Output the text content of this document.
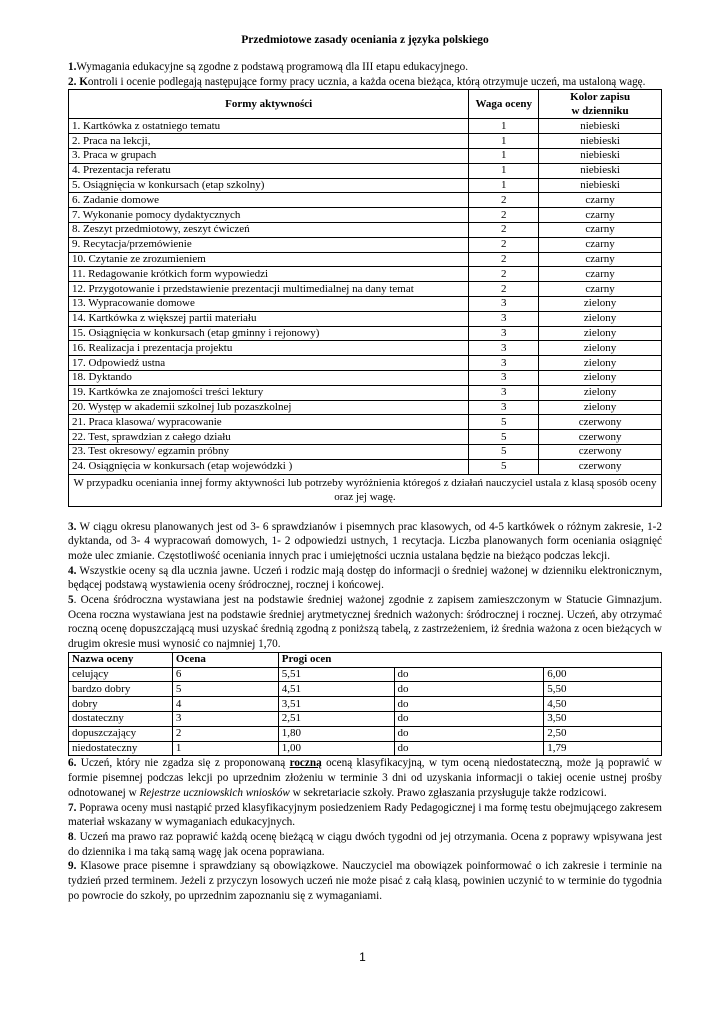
Przedmiotowe zasady oceniania z języka polskiego

1.Wymagania edukacyjne są zgodne z podstawą programową dla III etapu edukacyjnego.

2. Kontroli i ocenie podlegają następujące formy pracy ucznia, a każda ocena bieżąca, którą otrzymuje uczeń, ma ustaloną wagę.

Formy aktywności	Waga oceny	Kolor zapisu
w dzienniku
1. Kartkówka z ostatniego tematu	1	niebieski
2. Praca na lekcji,	1	niebieski
3. Praca w grupach	1	niebieski
4. Prezentacja referatu	1	niebieski
5. Osiągnięcia w konkursach (etap szkolny)	1	niebieski
6. Zadanie domowe	2	czarny
7. Wykonanie pomocy dydaktycznych	2	czarny
8. Zeszyt przedmiotowy, zeszyt ćwiczeń	2	czarny
9. Recytacja/przemówienie	2	czarny
10. Czytanie ze zrozumieniem	2	czarny
11. Redagowanie krótkich form wypowiedzi	2	czarny
12. Przygotowanie i przedstawienie prezentacji multimedialnej na dany temat	2	czarny
13. Wypracowanie domowe	3	zielony
14. Kartkówka z większej partii materiału	3	zielony
15. Osiągnięcia w konkursach (etap gminny i rejonowy)	3	zielony
16. Realizacja i prezentacja projektu	3	zielony
17. Odpowiedź ustna	3	zielony
18. Dyktando	3	zielony
19. Kartkówka ze znajomości treści lektury	3	zielony
20. Występ w akademii szkolnej lub pozaszkolnej	3	zielony
21. Praca klasowa/ wypracowanie	5	czerwony
22. Test, sprawdzian z całego działu	5	czerwony
23. Test okresowy/ egzamin próbny	5	czerwony
24. Osiągnięcia w konkursach (etap wojewódzki )	5	czerwony
W przypadku oceniania innej formy aktywności lub potrzeby wyróżnienia któregoś z działań nauczyciel ustala z klasą sposób oceny oraz jej wagę.		

3. W ciągu okresu planowanych jest od 3- 6 sprawdzianów i pisemnych prac klasowych, od 4-5 kartkówek o różnym zakresie, 1-2 dyktanda, od 3- 4 wypracowań domowych, 1- 2 odpowiedzi ustnych, 1 recytacja. Liczba planowanych form oceniania osiągnięć może ulec zmianie. Częstotliwość oceniania innych prac i umiejętności ucznia ustalana będzie na bieżąco podczas lekcji.

4. Wszystkie oceny są dla ucznia jawne. Uczeń i rodzic mają dostęp do informacji o średniej ważonej w dzienniku elektronicznym, będącej podstawą wystawienia oceny śródrocznej, rocznej i końcowej.

5. Ocena śródroczna wystawiana jest na podstawie średniej ważonej zgodnie z zapisem zamieszczonym w Statucie Gimnazjum. Ocena roczna wystawiana jest na podstawie średniej arytmetycznej średnich ważonych: śródrocznej i rocznej. Uczeń, aby otrzymać roczną ocenę dopuszczającą musi uzyskać średnią zgodną z poniższą tabelą, z zastrzeżeniem, iż średnia ważona z ocen bieżących w drugim okresie musi wynosić co najmniej 1,70.

Nazwa oceny	Ocena	Progi ocen		
celujący	6	5,51	do	6,00
bardzo dobry	5	4,51	do	5,50
dobry	4	3,51	do	4,50
dostateczny	3	2,51	do	3,50
dopuszczający	2	1,80	do	2,50
niedostateczny	1	1,00	do	1,79

6. Uczeń, który nie zgadza się z proponowaną roczną oceną klasyfikacyjną, w tym oceną niedostateczną, może ją poprawić w formie pisemnej podczas lekcji po uprzednim złożeniu w terminie 3 dni od uzyskania informacji o takiej ocenie ustnej prośby odnotowanej w Rejestrze uczniowskich wniosków w sekretariacie szkoły. Prawo zgłaszania przysługuje także rodzicowi.

7. Poprawa oceny musi nastąpić przed klasyfikacyjnym posiedzeniem Rady Pedagogicznej i ma formę testu obejmującego zakresem materiał wskazany w wymaganiach edukacyjnych.

8. Uczeń ma prawo raz poprawić każdą ocenę bieżącą w ciągu dwóch tygodni od jej otrzymania. Ocena z poprawy wpisywana jest do dziennika i ma taką samą wagę jak ocena poprawiana.

9. Klasowe prace pisemne i sprawdziany są obowiązkowe. Nauczyciel ma obowiązek poinformować o ich zakresie i terminie na tydzień przed terminem. Jeżeli z przyczyn losowych uczeń nie może pisać z całą klasą, powinien uczynić to w terminie do tygodnia po powrocie do szkoły, po uprzednim zapoznaniu się z wymaganiami.

1
